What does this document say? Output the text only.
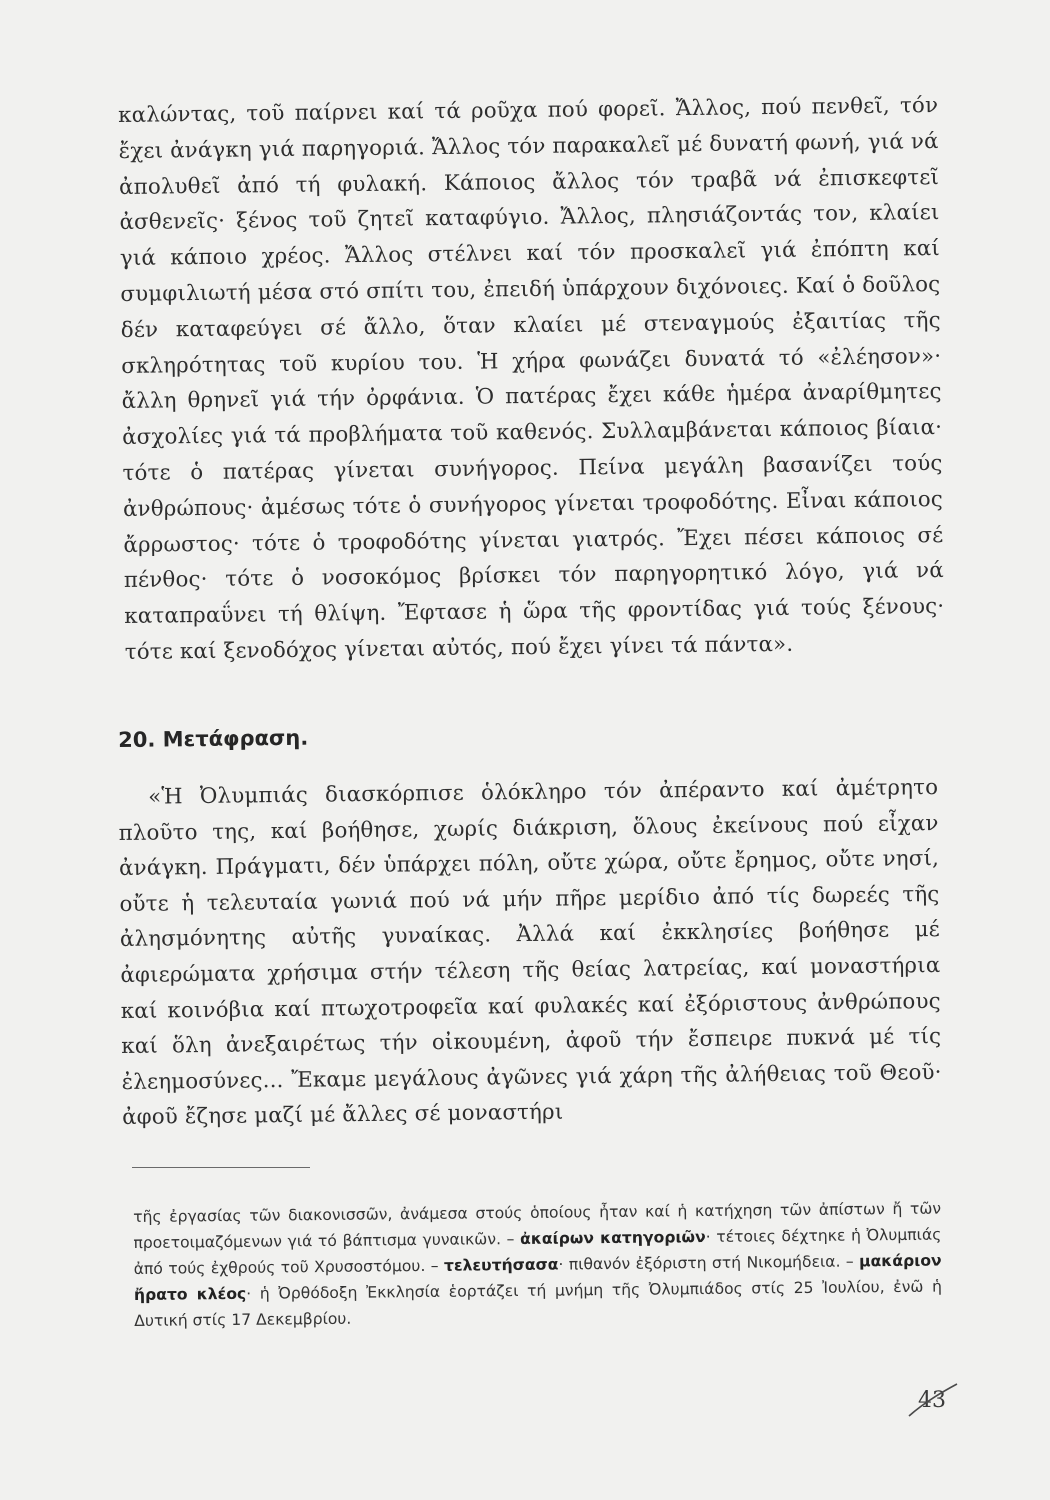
καλώντας, τοῦ παίρνει καί τά ροῦχα πού φορεῖ. Ἄλλος, πού πενθεῖ, τόν ἔχει ἀνάγκη γιά παρηγοριά. Ἄλλος τόν παρακαλεῖ μέ δυνατή φωνή, γιά νά ἀπολυθεῖ ἀπό τή φυλακή. Κάποιος ἄλλος τόν τραβᾶ νά ἐπισκεφτεῖ ἀσθενεῖς· ξένος τοῦ ζητεῖ καταφύγιο. Ἄλλος, πλησιάζοντάς τον, κλαίει γιά κάποιο χρέος. Ἄλλος στέλνει καί τόν προσκαλεῖ γιά ἐπόπτη καί συμφιλιωτή μέσα στό σπίτι του, ἐπειδή ὑπάρχουν διχόνοιες. Καί ὁ δοῦλος δέν καταφεύγει σέ ἄλλο, ὅταν κλαίει μέ στεναγμούς ἐξαιτίας τῆς σκληρότητας τοῦ κυρίου του. Ἡ χήρα φωνάζει δυνατά τό «ἐλέησον»· ἄλλη θρηνεῖ γιά τήν ὀρφάνια. Ὁ πατέρας ἔχει κάθε ἡμέρα ἀναρίθμητες ἀσχολίες γιά τά προβλήματα τοῦ καθενός. Συλλαμβάνεται κάποιος βίαια· τότε ὁ πατέρας γίνεται συνήγορος. Πείνα μεγάλη βασανίζει τούς ἀνθρώπους· ἀμέσως τότε ὁ συνήγορος γίνεται τροφοδότης. Εἶναι κάποιος ἄρρωστος· τότε ὁ τροφοδότης γίνεται γιατρός. Ἔχει πέσει κάποιος σέ πένθος· τότε ὁ νοσοκόμος βρίσκει τόν παρηγορητικό λόγο, γιά νά καταπραΰνει τή θλίψη. Ἔφτασε ἡ ὥρα τῆς φροντίδας γιά τούς ξένους· τότε καί ξενοδόχος γίνεται αὐτός, πού ἔχει γίνει τά πάντα».

20. Μετάφραση.

«Ἡ Ὀλυμπιάς διασκόρπισε ὁλόκληρο τόν ἀπέραντο καί ἀμέτρητο πλοῦτο της, καί βοήθησε, χωρίς διάκριση, ὅλους ἐκείνους πού εἶχαν ἀνάγκη. Πράγματι, δέν ὑπάρχει πόλη, οὔτε χώρα, οὔτε ἔρημος, οὔτε νησί, οὔτε ἡ τελευταία γωνιά πού νά μήν πῆρε μερίδιο ἀπό τίς δωρεές τῆς ἀλησμόνητης αὐτῆς γυναίκας. Ἀλλά καί ἐκκλησίες βοήθησε μέ ἀφιερώματα χρήσιμα στήν τέλεση τῆς θείας λατρείας, καί μοναστήρια καί κοινόβια καί πτωχοτροφεῖα καί φυλακές καί ἐξόριστους ἀνθρώπους καί ὅλη ἀνεξαιρέτως τήν οἰκουμένη, ἀφοῦ τήν ἔσπειρε πυκνά μέ τίς ἐλεημοσύνες... Ἔκαμε μεγάλους ἀγῶνες γιά χάρη τῆς ἀλήθειας τοῦ Θεοῦ· ἀφοῦ ἔζησε μαζί μέ ἄλλες σέ μοναστήρι

τῆς ἐργασίας τῶν διακονισσῶν, ἀνάμεσα στούς ὁποίους ἦταν καί ἡ κατήχηση τῶν ἀπίστων ἤ τῶν προετοιμαζόμενων γιά τό βάπτισμα γυναικῶν. – ἀκαίρων κατηγοριῶν· τέτοιες δέχτηκε ἡ Ὀλυμπιάς ἀπό τούς ἐχθρούς τοῦ Χρυσοστόμου. – τελευτήσασα· πιθανόν ἐξόριστη στή Νικομήδεια. – μακάριον ἤρατο κλέος· ἡ Ὀρθόδοξη Ἐκκλησία ἑορτάζει τή μνήμη τῆς Ὀλυμπιάδος στίς 25 Ἰουλίου, ἐνῶ ἡ Δυτική στίς 17 Δεκεμβρίου.

43
